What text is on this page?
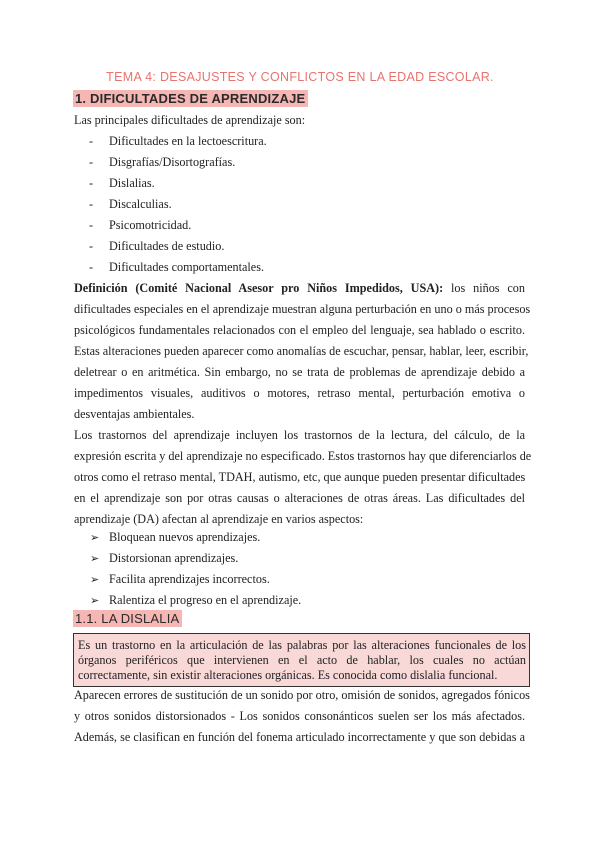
TEMA 4: DESAJUSTES Y CONFLICTOS EN LA EDAD ESCOLAR.
1. DIFICULTADES DE APRENDIZAJE
Las principales dificultades de aprendizaje son:
- Dificultades en la lectoescritura.
- Disgrafías/Disortografías.
- Dislalias.
- Discalculias.
- Psicomotricidad.
- Dificultades de estudio.
- Dificultades comportamentales.
Definición (Comité Nacional Asesor pro Niños Impedidos, USA): los niños con
dificultades especiales en el aprendizaje muestran alguna perturbación en uno o más procesos
psicológicos fundamentales relacionados con el empleo del lenguaje, sea hablado o escrito.
Estas alteraciones pueden aparecer como anomalías de escuchar, pensar, hablar, leer, escribir,
deletrear o en aritmética. Sin embargo, no se trata de problemas de aprendizaje debido a
impedimentos visuales, auditivos o motores, retraso mental, perturbación emotiva o
desventajas ambientales.
Los trastornos del aprendizaje incluyen los trastornos de la lectura, del cálculo, de la
expresión escrita y del aprendizaje no especificado. Estos trastornos hay que diferenciarlos de
otros como el retraso mental, TDAH, autismo, etc, que aunque pueden presentar dificultades
en el aprendizaje son por otras causas o alteraciones de otras áreas. Las dificultades del
aprendizaje (DA) afectan al aprendizaje en varios aspectos:
➢ Bloquean nuevos aprendizajes.
➢ Distorsionan aprendizajes.
➢ Facilita aprendizajes incorrectos.
➢ Ralentiza el progreso en el aprendizaje.
1.1. LA DISLALIA
Es un trastorno en la articulación de las palabras por las alteraciones funcionales de los
órganos periféricos que intervienen en el acto de hablar, los cuales no actúan
correctamente, sin existir alteraciones orgánicas. Es conocida como dislalia funcional.
Aparecen errores de sustitución de un sonido por otro, omisión de sonidos, agregados fónicos
y otros sonidos distorsionados - Los sonidos consonánticos suelen ser los más afectados.
Además, se clasifican en función del fonema articulado incorrectamente y que son debidas a
